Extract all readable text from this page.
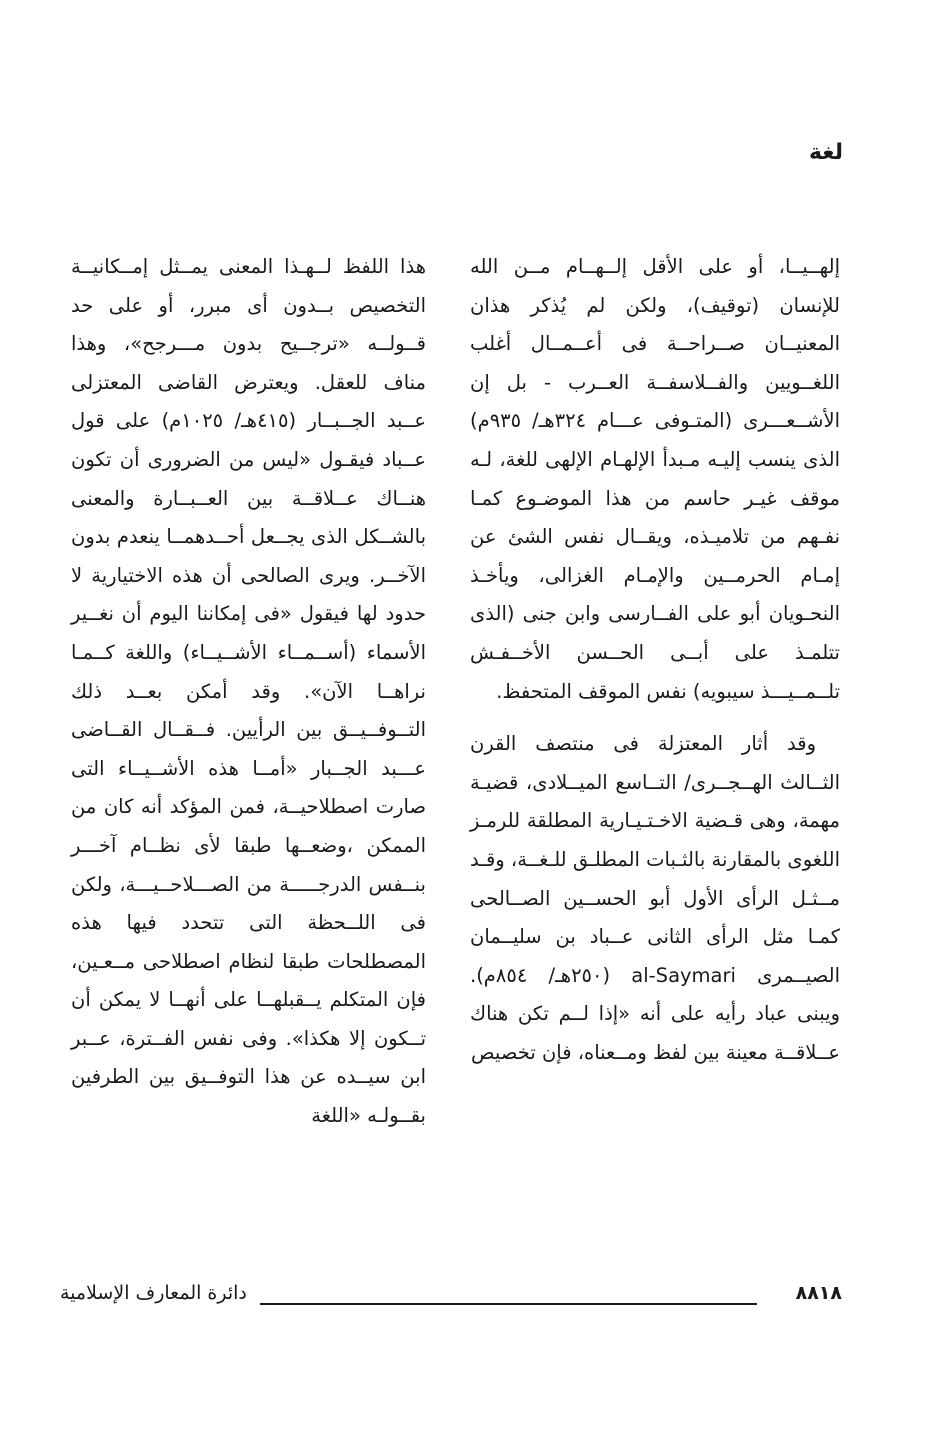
لغة

إلهــيــا، أو على الأقل إلــهــام مــن الله للإنسان (توقيف)، ولكن لم يُذكر هذان المعنيــان صــراحــة فى أعــمــال أغلب اللغــويين والفــلاسفــة العــرب - بل إن الأشــعـــرى (المتـوفى عـــام ٣٢٤هـ/ ٩٣٥م) الذى ينسب إليـه مـبدأ الإلهـام الإلهى للغة، لـه موقف غيـر حاسم من هذا الموضـوع كمـا نفـهم من تلاميـذه، ويقــال نفس الشئ عن إمـام الحرمــين والإمـام الغزالى، ويأخـذ النحـويان أبو على الفــارسى وابن جنى (الذى تتلمـذ على أبــى الحــسن الأخــفـش تلــمــيـــذ سيبويه) نفس الموقف المتحفظ.

وقد أثار المعتزلة فى منتصف القرن الثــالث الهــجــرى/ التــاسع الميــلادى، قضيـة مهمة، وهى قـضية الاخـتـيـارية المطلقة للرمـز اللغوى بالمقارنة بالثـبات المطلـق للـغــة، وقـد مــثـل الرأى الأول أبو الحســين الصــالحى كمـا مثل الرأى الثانى عــباد بن سليــمان الصيــمرى al-Saymari (٢٥٠هـ/ ٨٥٤م). ويبنى عباد رأيه على أنه «إذا لــم تكن هناك عــلاقــة معينة بين لفظ ومــعناه، فإن تخصيص

هذا اللفظ لــهـذا المعنى يمــثل إمــكانيــة التخصيص بــدون أى مبرر، أو على حد قــولــه «ترجــيح بدون مـــرجح»، وهذا مناف للعقل. ويعترض القاضى المعتزلى عــبد الجــبــار (٤١٥هـ/ ١٠٢٥م) على قول عــباد فيقـول «ليس من الضرورى أن تكون هنــاك عــلاقــة بين العــبــارة والمعنى بالشــكل الذى يجــعل أحــدهمــا ينعدم بدون الآخــر. ويرى الصالحى أن هذه الاختيارية لا حدود لها فيقول «فى إمكاننا اليوم أن نغــير الأسماء (أســمــاء الأشــيــاء) واللغة كــمـا نراهــا الآن». وقد أمكن بعــد ذلك التــوفــيــق بين الرأيين. فــقــال القــاضى عـــبد الجــبار «أمــا هذه الأشــيــاء التى صارت اصطلاحيــة، فمن المؤكد أنه كان من الممكن ،وضعــها طبقا لأى نظــام آخـــر بنــفس الدرجـــــة من الصـــلاحــيـــة، ولكن فى اللــحظة التى تتحدد فيها هذه المصطلحات طبقا لنظام اصطلاحى مــعـين، فإن المتكلم يــقبلهــا على أنهــا لا يمكن أن تــكون إلا هكذا». وفى نفس الفــترة، عــبر ابن سيــده عن هذا التوفــيق بين الطرفين بقــولـه «اللغة

دائرة المعارف الإسلامية	٨٨١٨
